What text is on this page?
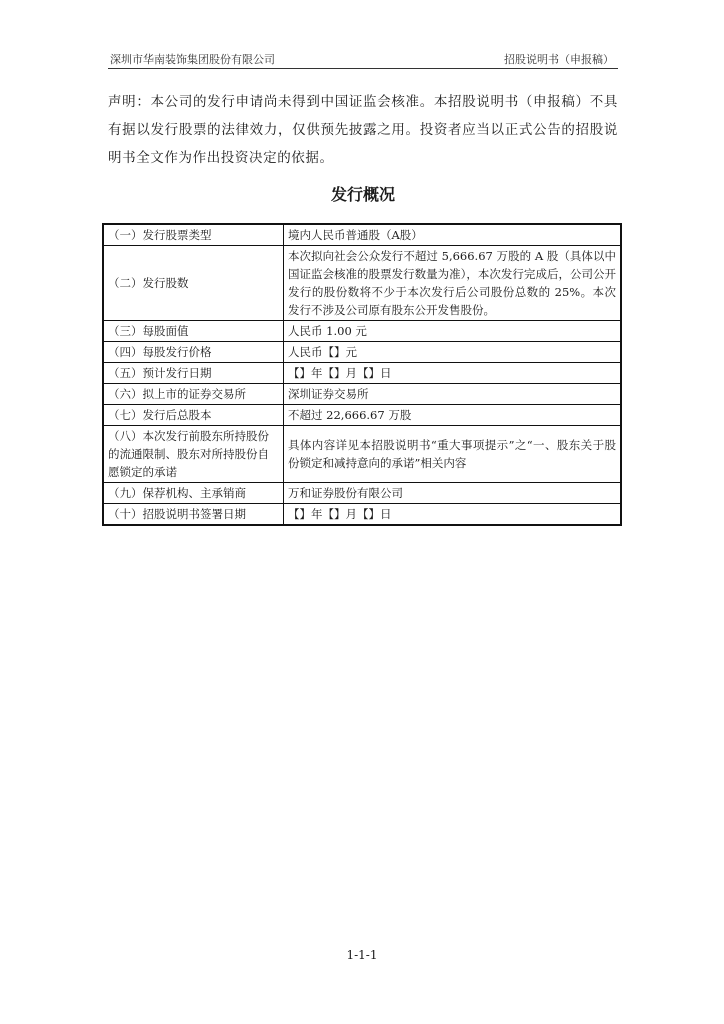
深圳市华南装饰集团股份有限公司	招股说明书（申报稿）
声明：本公司的发行申请尚未得到中国证监会核准。本招股说明书（申报稿）不具有据以发行股票的法律效力，仅供预先披露之用。投资者应当以正式公告的招股说明书全文作为作出投资决定的依据。
发行概况
（一）发行股票类型	境内人民币普通股（A股）
（二）发行股数	本次拟向社会公众发行不超过 5,666.67 万股的 A 股（具体以中国证监会核准的股票发行数量为准），本次发行完成后，公司公开发行的股份数将不少于本次发行后公司股份总数的 25%。本次发行不涉及公司原有股东公开发售股份。
（三）每股面值	人民币 1.00 元
（四）每股发行价格	人民币【】元
（五）预计发行日期	【】年【】月【】日
（六）拟上市的证券交易所	深圳证券交易所
（七）发行后总股本	不超过 22,666.67 万股
（八）本次发行前股东所持股份的流通限制、股东对所持股份自愿锁定的承诺	具体内容详见本招股说明书“重大事项提示”之“一、股东关于股份锁定和减持意向的承诺”相关内容
（九）保荐机构、主承销商	万和证券股份有限公司
（十）招股说明书签署日期	【】年【】月【】日
1-1-1
